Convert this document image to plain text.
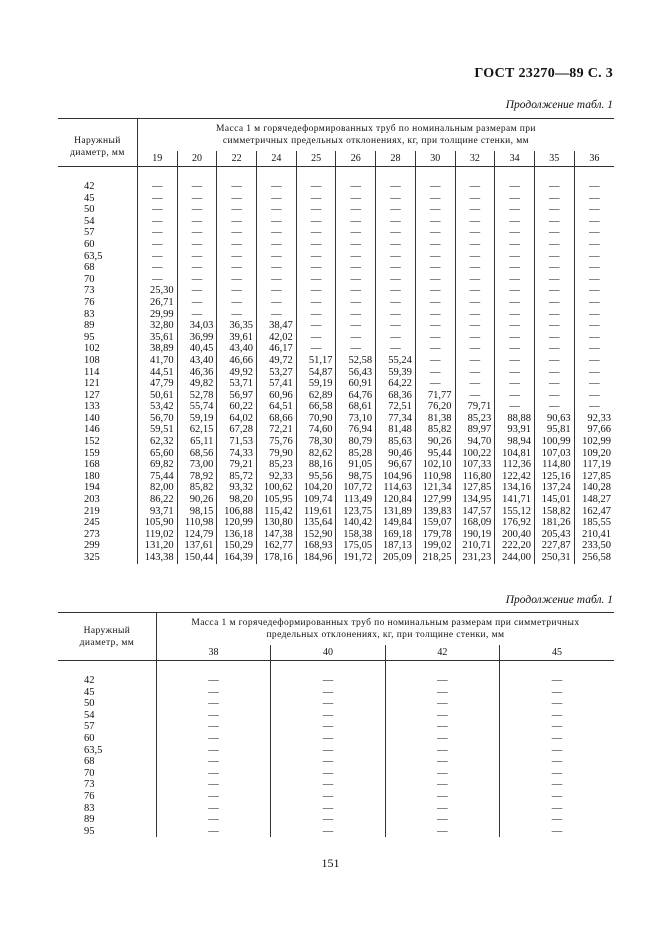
ГОСТ 23270—89 С. 3
Продолжение табл. 1
Наружный диаметр, мм	Масса 1 м горячедеформированных труб по номинальным размерам при симметричных предельных отклонениях, кг, при толщине стенки, мм											
	19	20	22	24	25	26	28	30	32	34	35	36

42	—	—	—	—	—	—	—	—	—	—	—	—
45	—	—	—	—	—	—	—	—	—	—	—	—
50	—	—	—	—	—	—	—	—	—	—	—	—
54	—	—	—	—	—	—	—	—	—	—	—	—
57	—	—	—	—	—	—	—	—	—	—	—	—
60	—	—	—	—	—	—	—	—	—	—	—	—
63,5	—	—	—	—	—	—	—	—	—	—	—	—
68	—	—	—	—	—	—	—	—	—	—	—	—
70	—	—	—	—	—	—	—	—	—	—	—	—
73	25,30	—	—	—	—	—	—	—	—	—	—	—
76	26,71	—	—	—	—	—	—	—	—	—	—	—
83	29,99	—	—	—	—	—	—	—	—	—	—	—
89	32,80	34,03	36,35	38,47	—	—	—	—	—	—	—	—
95	35,61	36,99	39,61	42,02	—	—	—	—	—	—	—	—
102	38,89	40,45	43,40	46,17	—	—	—	—	—	—	—	—
108	41,70	43,40	46,66	49,72	51,17	52,58	55,24	—	—	—	—	—
114	44,51	46,36	49,92	53,27	54,87	56,43	59,39	—	—	—	—	—
121	47,79	49,82	53,71	57,41	59,19	60,91	64,22	—	—	—	—	—
127	50,61	52,78	56,97	60,96	62,89	64,76	68,36	71,77	—	—	—	—
133	53,42	55,74	60,22	64,51	66,58	68,61	72,51	76,20	79,71	—	—	—
140	56,70	59,19	64,02	68,66	70,90	73,10	77,34	81,38	85,23	88,88	90,63	92,33
146	59,51	62,15	67,28	72,21	74,60	76,94	81,48	85,82	89,97	93,91	95,81	97,66
152	62,32	65,11	71,53	75,76	78,30	80,79	85,63	90,26	94,70	98,94	100,99	102,99
159	65,60	68,56	74,33	79,90	82,62	85,28	90,46	95,44	100,22	104,81	107,03	109,20
168	69,82	73,00	79,21	85,23	88,16	91,05	96,67	102,10	107,33	112,36	114,80	117,19
180	75,44	78,92	85,72	92,33	95,56	98,75	104,96	110,98	116,80	122,42	125,16	127,85
194	82,00	85,82	93,32	100,62	104,20	107,72	114,63	121,34	127,85	134,16	137,24	140,28
203	86,22	90,26	98,20	105,95	109,74	113,49	120,84	127,99	134,95	141,71	145,01	148,27
219	93,71	98,15	106,88	115,42	119,61	123,75	131,89	139,83	147,57	155,12	158,82	162,47
245	105,90	110,98	120,99	130,80	135,64	140,42	149,84	159,07	168,09	176,92	181,26	185,55
273	119,02	124,79	136,18	147,38	152,90	158,38	169,18	179,78	190,19	200,40	205,43	210,41
299	131,20	137,61	150,29	162,77	168,93	175,05	187,13	199,02	210,71	222,20	227,87	233,50
325	143,38	150,44	164,39	178,16	184,96	191,72	205,09	218,25	231,23	244,00	250,31	256,58
Продолжение табл. 1
Наружный диаметр, мм	Масса 1 м горячедеформированных труб по номинальным размерам при симметричных предельных отклонениях, кг, при толщине стенки, мм			
	38	40	42	45

42	—	—	—	—
45	—	—	—	—
50	—	—	—	—
54	—	—	—	—
57	—	—	—	—
60	—	—	—	—
63,5	—	—	—	—
68	—	—	—	—
70	—	—	—	—
73	—	—	—	—
76	—	—	—	—
83	—	—	—	—
89	—	—	—	—
95	—	—	—	—
151
